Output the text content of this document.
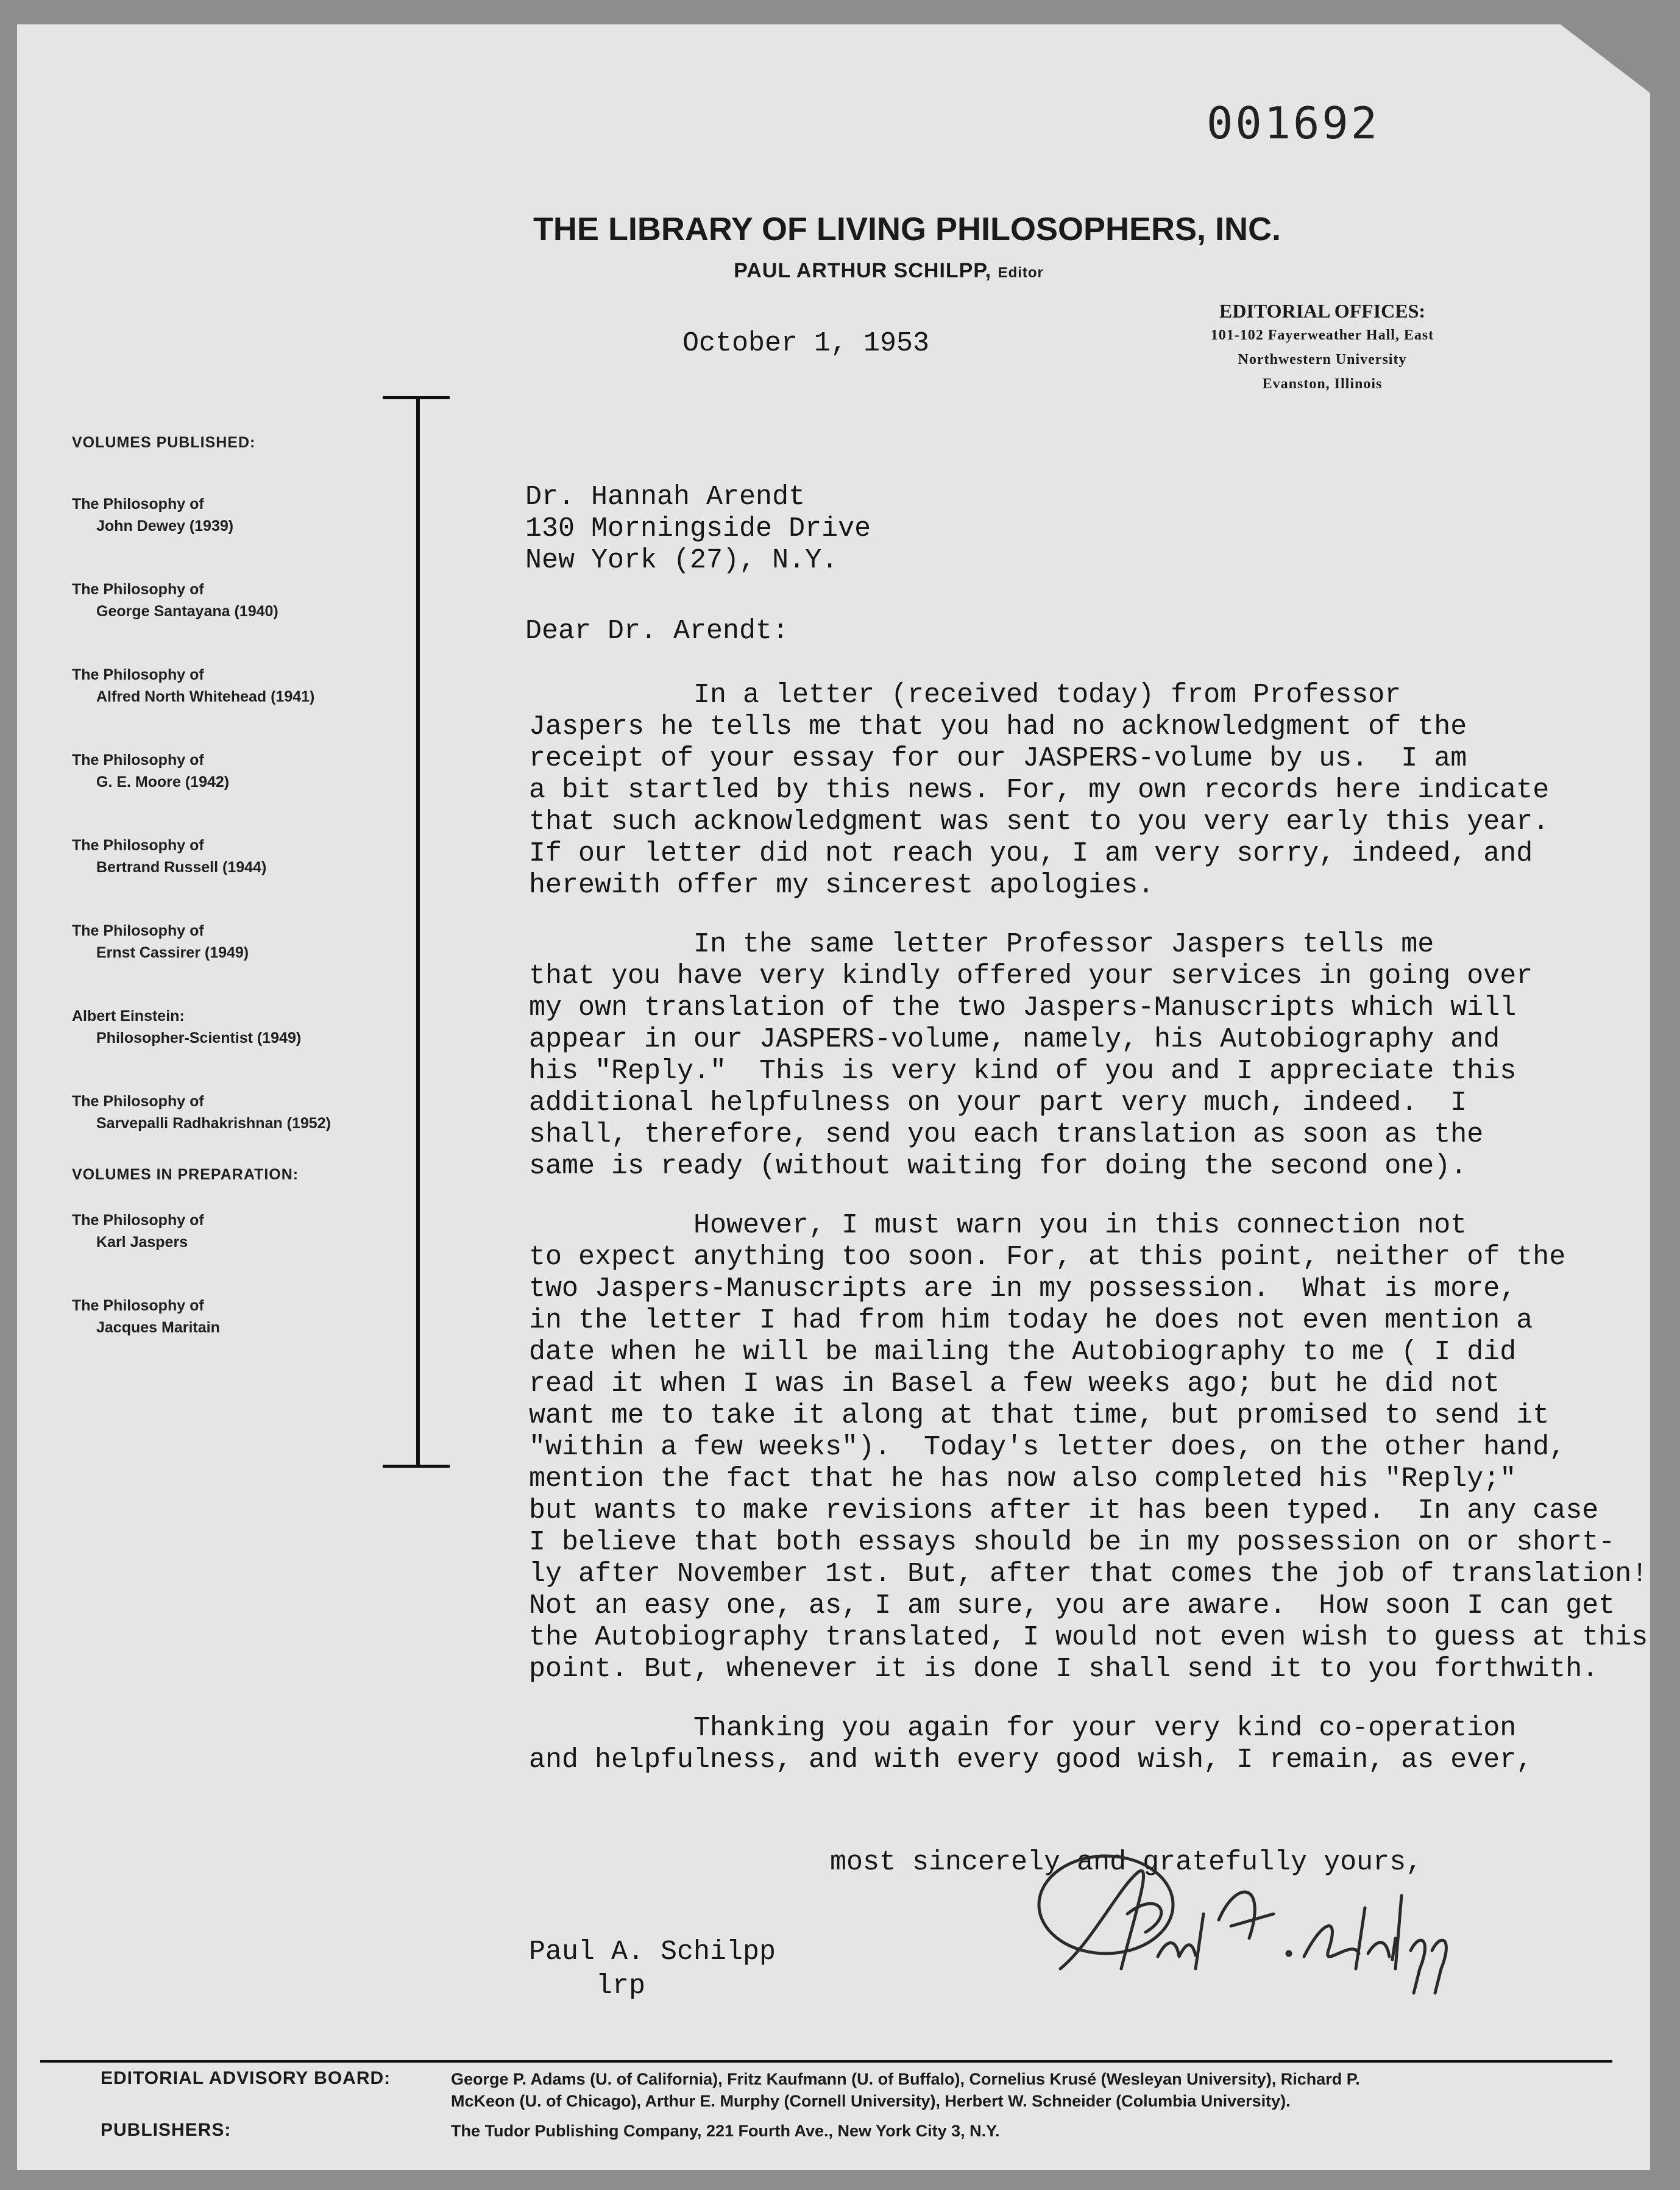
001692
THE LIBRARY OF LIVING PHILOSOPHERS, INC.
PAUL ARTHUR SCHILPP, Editor
EDITORIAL OFFICES:
101-102 Fayerweather Hall, East
Northwestern University
Evanston, Illinois
October 1, 1953
VOLUMES PUBLISHED:
The Philosophy of
John Dewey (1939)
The Philosophy of
George Santayana (1940)
The Philosophy of
Alfred North Whitehead (1941)
The Philosophy of
G. E. Moore (1942)
The Philosophy of
Bertrand Russell (1944)
The Philosophy of
Ernst Cassirer (1949)
Albert Einstein:
Philosopher-Scientist (1949)
The Philosophy of
Sarvepalli Radhakrishnan (1952)
VOLUMES IN PREPARATION:
The Philosophy of
Karl Jaspers
The Philosophy of
Jacques Maritain
Dr. Hannah Arendt
130 Morningside Drive
New York (27), N.Y.
Dear Dr. Arendt:
In a letter (received today) from Professor
Jaspers he tells me that you had no acknowledgment of the
receipt of your essay for our JASPERS-volume by us.  I am
a bit startled by this news. For, my own records here indicate
that such acknowledgment was sent to you very early this year.
If our letter did not reach you, I am very sorry, indeed, and
herewith offer my sincerest apologies.
In the same letter Professor Jaspers tells me
that you have very kindly offered your services in going over
my own translation of the two Jaspers-Manuscripts which will
appear in our JASPERS-volume, namely, his Autobiography and
his "Reply."  This is very kind of you and I appreciate this
additional helpfulness on your part very much, indeed.  I
shall, therefore, send you each translation as soon as the
same is ready (without waiting for doing the second one).
However, I must warn you in this connection not
to expect anything too soon. For, at this point, neither of the
two Jaspers-Manuscripts are in my possession.  What is more,
in the letter I had from him today he does not even mention a
date when he will be mailing the Autobiography to me ( I did
read it when I was in Basel a few weeks ago; but he did not
want me to take it along at that time, but promised to send it
"within a few weeks").  Today's letter does, on the other hand,
mention the fact that he has now also completed his "Reply;"
but wants to make revisions after it has been typed.  In any case
I believe that both essays should be in my possession on or short-
ly after November 1st. But, after that comes the job of translation!
Not an easy one, as, I am sure, you are aware.  How soon I can get
the Autobiography translated, I would not even wish to guess at this
point. But, whenever it is done I shall send it to you forthwith.
Thanking you again for your very kind co-operation
and helpfulness, and with every good wish, I remain, as ever,
most sincerely and gratefully yours,
Paul A. Schilpp
lrp
EDITORIAL ADVISORY BOARD:	George P. Adams (U. of California), Fritz Kaufmann (U. of Buffalo), Cornelius Krusé (Wesleyan University), Richard P.
McKeon (U. of Chicago), Arthur E. Murphy (Cornell University), Herbert W. Schneider (Columbia University).
PUBLISHERS:	The Tudor Publishing Company, 221 Fourth Ave., New York City 3, N.Y.
